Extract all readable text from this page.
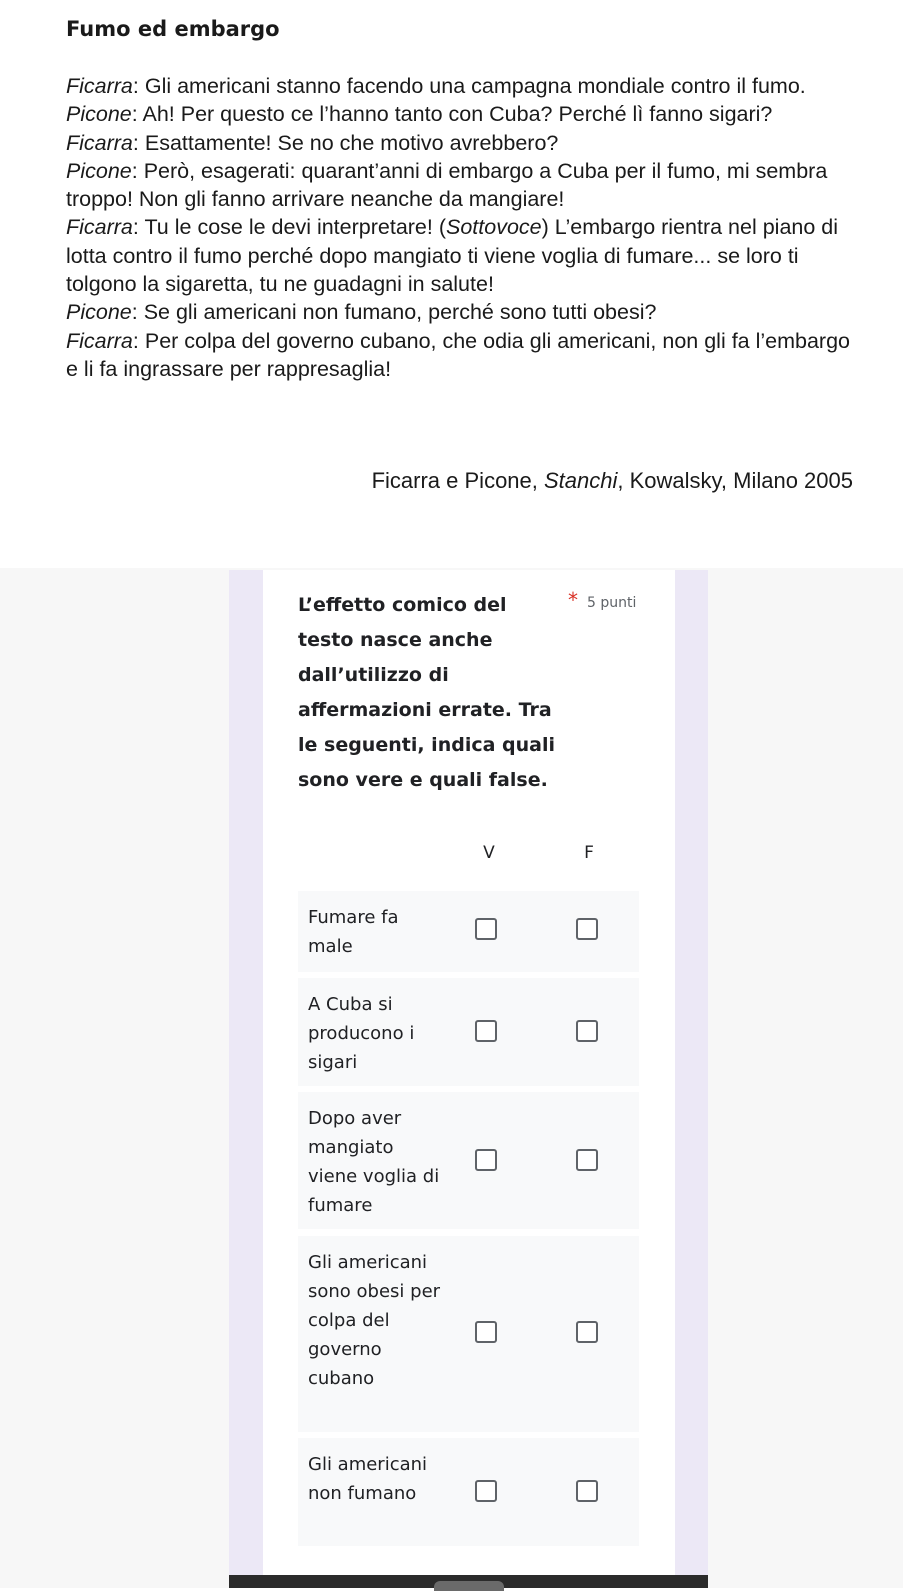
Fumo ed embargo

Ficarra: Gli americani stanno facendo una campagna mondiale contro il fumo.

Picone: Ah! Per questo ce l’hanno tanto con Cuba? Perché lì fanno sigari?

Ficarra: Esattamente! Se no che motivo avrebbero?

Picone: Però, esagerati: quarant’anni di embargo a Cuba per il fumo, mi sembra troppo! Non gli fanno arrivare neanche da mangiare!

Ficarra: Tu le cose le devi interpretare! (Sottovoce) L’embargo rientra nel piano di lotta contro il fumo perché dopo mangiato ti viene voglia di fumare... se loro ti tolgono la sigaretta, tu ne guadagni in salute!

Picone: Se gli americani non fumano, perché sono tutti obesi?

Ficarra: Per colpa del governo cubano, che odia gli americani, non gli fa l’embargo e li fa ingrassare per rappresaglia!

Ficarra e Picone, Stanchi, Kowalsky, Milano 2005
L’effetto comico del testo nasce anche dall’utilizzo di affermazioni errate. Tra le seguenti, indica quali sono vere e quali false.
* 5 punti
V	F
Fumare fa male
A Cuba si producono i sigari
Dopo aver mangiato viene voglia di fumare
Gli americani sono obesi per colpa del governo cubano
Gli americani non fumano
